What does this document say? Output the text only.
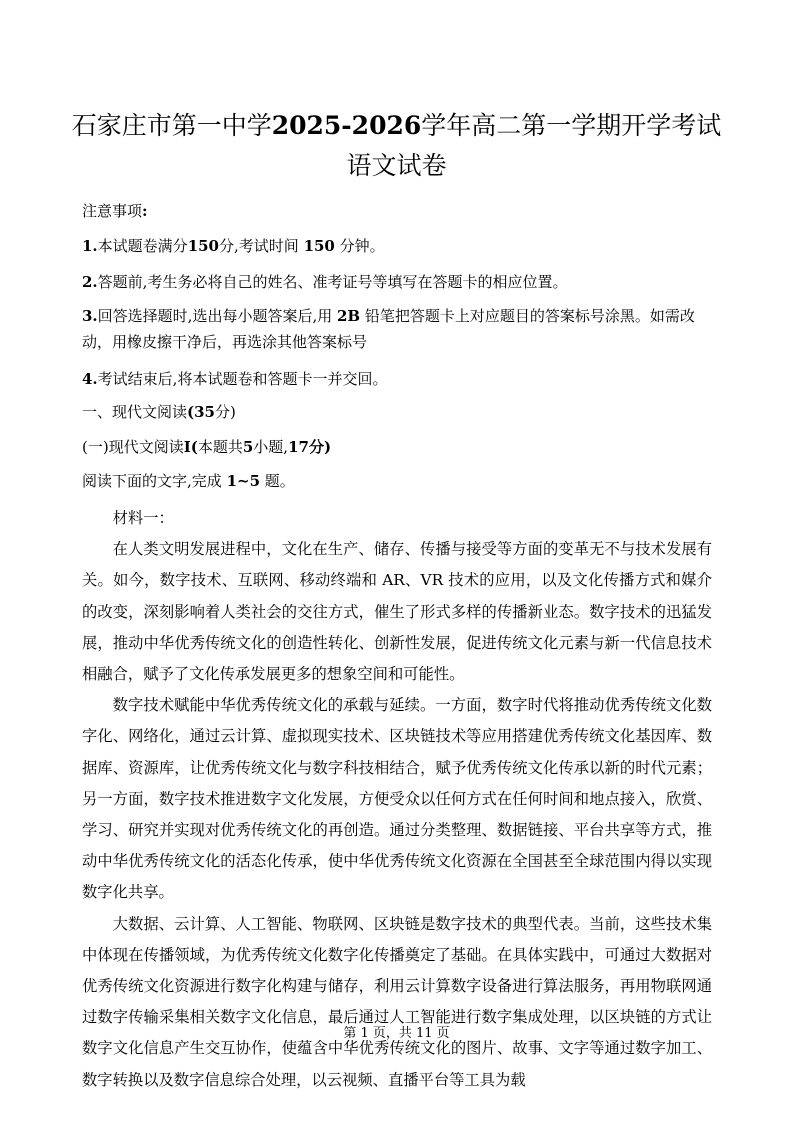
石家庄市第一中学2025-2026学年高二第一学期开学考试
语文试卷
注意事项:
1.本试题卷满分150分,考试时间 150 分钟。
2.答题前,考生务必将自己的姓名、准考证号等填写在答题卡的相应位置。
3.回答选择题时,选出每小题答案后,用 2B 铅笔把答题卡上对应题目的答案标号涂黑。如需改动，用橡皮擦干净后，再选涂其他答案标号
4.考试结束后,将本试题卷和答题卡一并交回。
一、现代文阅读(35分)
(一)现代文阅读I(本题共5小题,17分)
阅读下面的文字,完成 1~5 题。

材料一：

在人类文明发展进程中，文化在生产、储存、传播与接受等方面的变革无不与技术发展有关。如今，数字技术、互联网、移动终端和 AR、VR 技术的应用，以及文化传播方式和媒介的改变，深刻影响着人类社会的交往方式，催生了形式多样的传播新业态。数字技术的迅猛发展，推动中华优秀传统文化的创造性转化、创新性发展，促进传统文化元素与新一代信息技术相融合，赋予了文化传承发展更多的想象空间和可能性。

数字技术赋能中华优秀传统文化的承载与延续。一方面，数字时代将推动优秀传统文化数字化、网络化，通过云计算、虚拟现实技术、区块链技术等应用搭建优秀传统文化基因库、数据库、资源库，让优秀传统文化与数字科技相结合，赋予优秀传统文化传承以新的时代元素；另一方面，数字技术推进数字文化发展，方便受众以任何方式在任何时间和地点接入，欣赏、学习、研究并实现对优秀传统文化的再创造。通过分类整理、数据链接、平台共享等方式，推动中华优秀传统文化的活态化传承，使中华优秀传统文化资源在全国甚至全球范围内得以实现数字化共享。

大数据、云计算、人工智能、物联网、区块链是数字技术的典型代表。当前，这些技术集中体现在传播领域，为优秀传统文化数字化传播奠定了基础。在具体实践中，可通过大数据对优秀传统文化资源进行数字化构建与储存，利用云计算数字设备进行算法服务，再用物联网通过数字传输采集相关数字文化信息，最后通过人工智能进行数字集成处理，以区块链的方式让数字文化信息产生交互协作，使蕴含中华优秀传统文化的图片、故事、文字等通过数字加工、数字转换以及数字信息综合处理，以云视频、直播平台等工具为载

第 1 页，共 11 页
